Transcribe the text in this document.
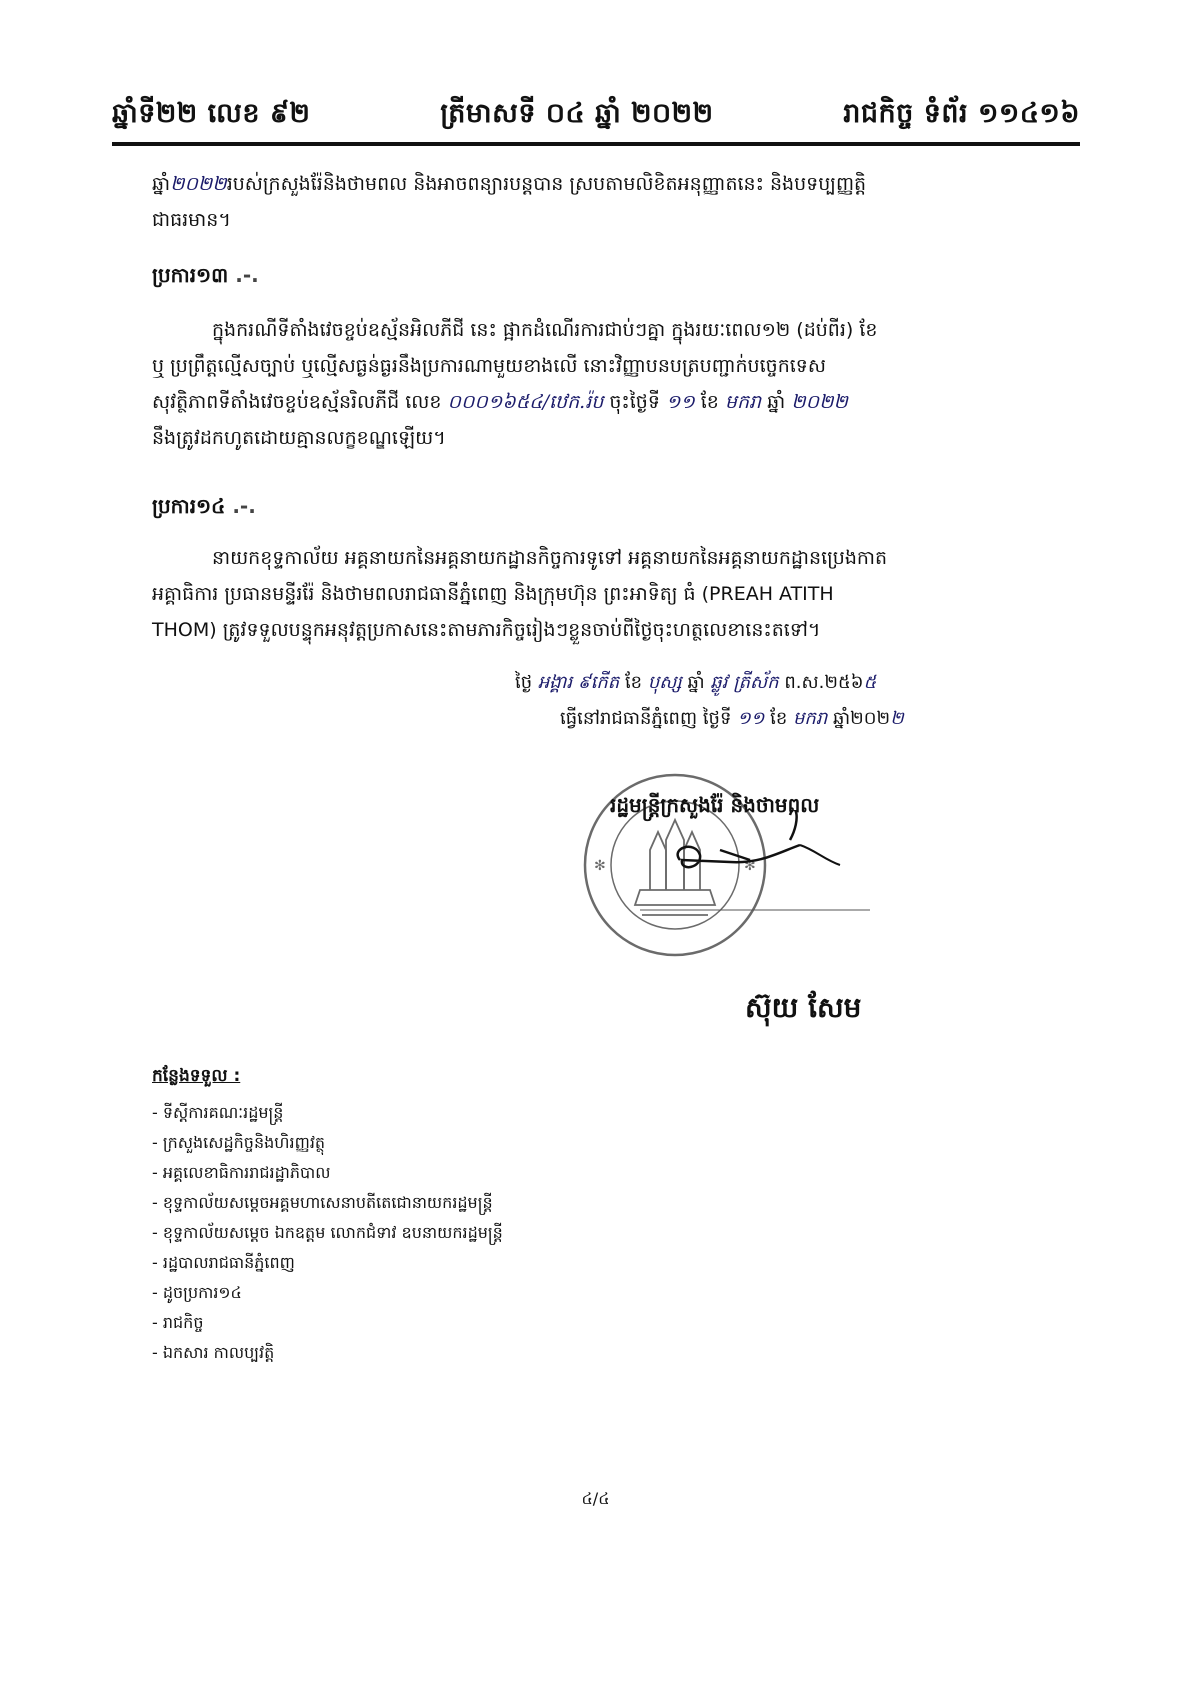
ឆ្នាំទី២២ លេខ ៩២	ត្រីមាសទី ០៤ ឆ្នាំ ២០២២	រាជកិច្ច ទំព័រ ១១៤១៦
ឆ្នាំ២០២២របស់ក្រសួងរ៉ែនិងថាមពល និងអាចពន្យារបន្តបាន ស្របតាមលិខិតអនុញ្ញាតនេះ និងបទប្បញ្ញត្តិ
ជាធរមាន។
ប្រការ១៣ .-.
ក្នុងករណីទីតាំងវេចខ្ចប់ឧស្ម័នអិលភីជី នេះ ផ្អាកដំណើរការជាប់ៗគ្នា ក្នុងរយៈពេល១២ (ដប់ពីរ) ខែ
ឬ ប្រព្រឹត្តល្មើសច្បាប់ ឬល្មើសធ្ងន់ធ្ងរនឹងប្រការណាមួយខាងលើ នោះវិញ្ញាបនបត្របញ្ជាក់បច្ចេកទេស
សុវត្ថិភាពទីតាំងវេចខ្ចប់ឧស្ម័នរិលភីជី លេខ ០០០១៦៥៤/ឋេក.រ៉ប ចុះថ្ងៃទី ១១ ខែ មករា ឆ្នាំ ២០២២
នឹងត្រូវដកហូតដោយគ្មានលក្ខខណ្ឌឡើយ។
ប្រការ១៤ .-.
នាយកខុទ្ទកាល័យ អគ្គនាយកនៃអគ្គនាយកដ្ឋានកិច្ចការទូទៅ អគ្គនាយកនៃអគ្គនាយកដ្ឋានប្រេងកាត
អគ្គាធិការ ប្រធានមន្ទីររ៉ែ និងថាមពលរាជធានីភ្នំពេញ និងក្រុមហ៊ុន ព្រះអាទិត្យ ធំ (PREAH ATITH
THOM) ត្រូវទទួលបន្ទុកអនុវត្តប្រកាសនេះតាមភារកិច្ចរៀងៗខ្លួនចាប់ពីថ្ងៃចុះហត្ថលេខានេះតទៅ។
ថ្ងៃ អង្គារ ៩កើត ខែ បុស្ស ឆ្នាំ ឆ្លូវ ត្រីស័ក ព.ស.២៥៦៥
ធ្វើនៅរាជធានីភ្នំពេញ ថ្ងៃទី ១១ ខែ មករា ឆ្នាំ២០២២
✻	✻
រដ្ឋមន្ត្រីក្រសួងរ៉ែ និងថាមពល
ស៊ុយ សែម
កន្លែងទទួល :
- ទីស្តីការគណៈរដ្ឋមន្ត្រី
- ក្រសួងសេដ្ឋកិច្ចនិងហិរញ្ញវត្ថុ
- អគ្គលេខាធិការរាជរដ្ឋាភិបាល
- ខុទ្ទកាល័យសម្តេចអគ្គមហាសេនាបតីតេជោនាយករដ្ឋមន្ត្រី
- ខុទ្ទកាល័យសម្តេច ឯកឧត្តម លោកជំទាវ ឧបនាយករដ្ឋមន្ត្រី
- រដ្ឋបាលរាជធានីភ្នំពេញ
- ដូចប្រការ១៤
- រាជកិច្ច
- ឯកសារ កាលប្បវត្តិ
៤/៤
